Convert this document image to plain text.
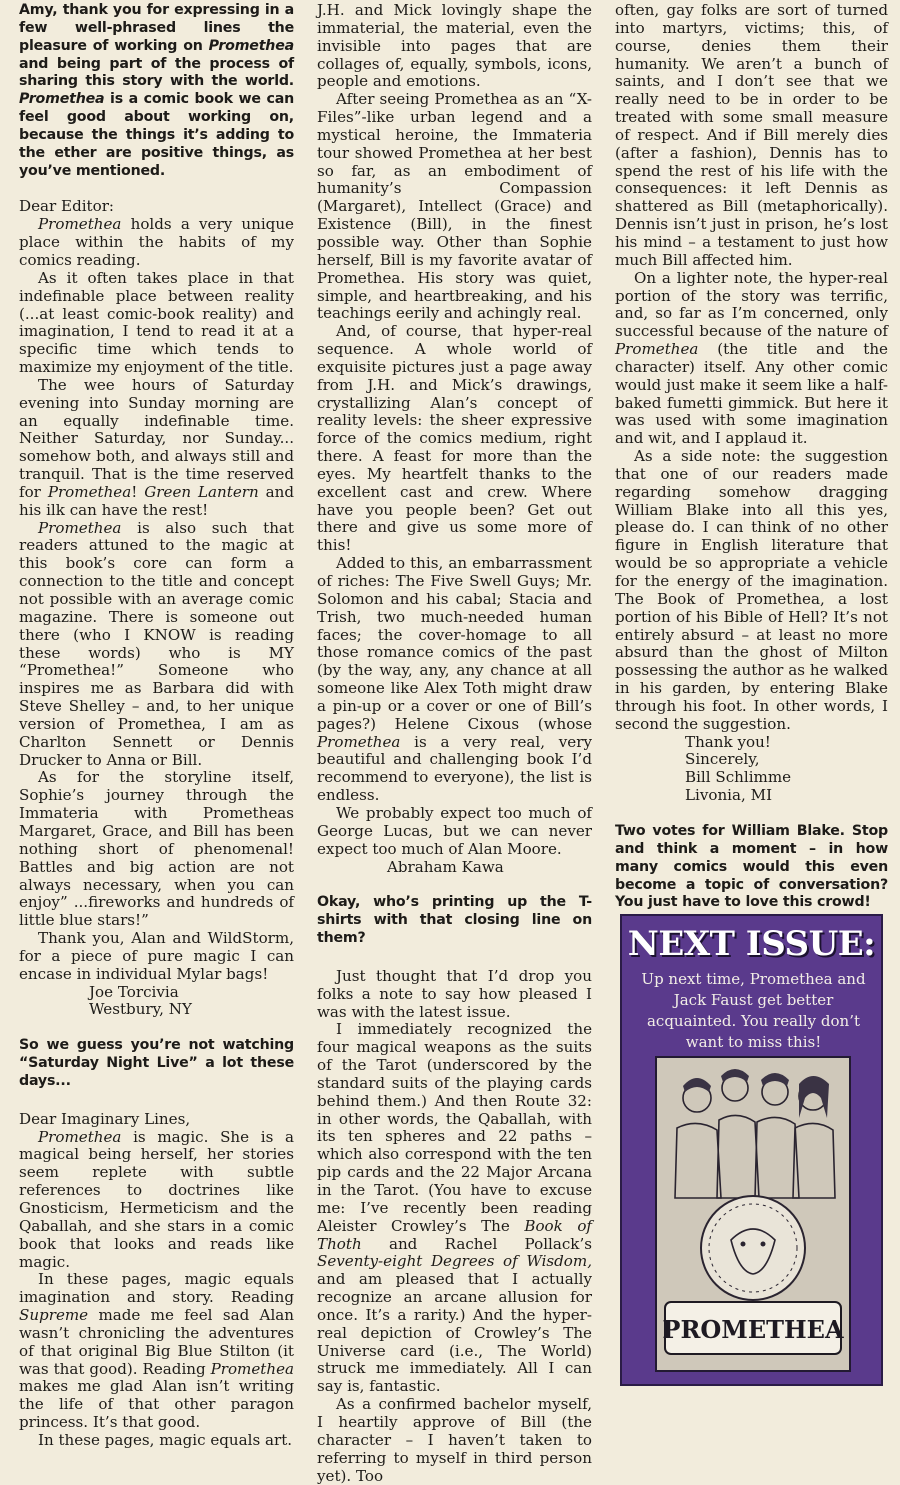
Amy, thank you for expressing in a few well-phrased lines the pleasure of working on Promethea and being part of the process of sharing this story with the world. Promethea is a comic book we can feel good about working on, because the things it’s adding to the ether are positive things, as you’ve mentioned.

Dear Editor:

Promethea holds a very unique place within the habits of my comics reading.

As it often takes place in that indefinable place between reality (...at least comic-book reality) and imagination, I tend to read it at a specific time which tends to maximize my enjoyment of the title.

The wee hours of Saturday evening into Sunday morning are an equally indefinable time. Neither Saturday, nor Sunday... somehow both, and always still and tranquil. That is the time reserved for Promethea! Green Lantern and his ilk can have the rest!

Promethea is also such that readers attuned to the magic at this book’s core can form a connection to the title and concept not possible with an average comic magazine. There is someone out there (who I KNOW is reading these words) who is MY “Promethea!” Someone who inspires me as Barbara did with Steve Shelley – and, to her unique version of Promethea, I am as Charlton Sennett or Dennis Drucker to Anna or Bill.

As for the storyline itself, Sophie’s journey through the Immateria with Prometheas Margaret, Grace, and Bill has been nothing short of phenomenal! Battles and big action are not always necessary, when you can enjoy” ...fireworks and hundreds of little blue stars!”

Thank you, Alan and WildStorm, for a piece of pure magic I can encase in individual Mylar bags!

Joe Torcivia

Westbury, NY

So we guess you’re not watching “Saturday Night Live” a lot these days...

Dear Imaginary Lines,

Promethea is magic. She is a magical being herself, her stories seem replete with subtle references to doctrines like Gnosticism, Hermeticism and the Qaballah, and she stars in a comic book that looks and reads like magic.

In these pages, magic equals imagination and story. Reading Supreme made me feel sad Alan wasn’t chronicling the adventures of that original Big Blue Stilton (it was that good). Reading Promethea makes me glad Alan isn’t writing the life of that other paragon princess. It’s that good.

In these pages, magic equals art.

J.H. and Mick lovingly shape the immaterial, the material, even the invisible into pages that are collages of, equally, symbols, icons, people and emotions.

After seeing Promethea as an “X-Files”-like urban legend and a mystical heroine, the Immateria tour showed Promethea at her best so far, as an embodiment of humanity’s Compassion (Margaret), Intellect (Grace) and Existence (Bill), in the finest possible way. Other than Sophie herself, Bill is my favorite avatar of Promethea. His story was quiet, simple, and heartbreaking, and his teachings eerily and achingly real.

And, of course, that hyper-real sequence. A whole world of exquisite pictures just a page away from J.H. and Mick’s drawings, crystallizing Alan’s concept of reality levels: the sheer expressive force of the comics medium, right there. A feast for more than the eyes. My heartfelt thanks to the excellent cast and crew. Where have you people been? Get out there and give us some more of this!

Added to this, an embarrassment of riches: The Five Swell Guys; Mr. Solomon and his cabal; Stacia and Trish, two much-needed human faces; the cover-homage to all those romance comics of the past (by the way, any, any chance at all someone like Alex Toth might draw a pin-up or a cover or one of Bill’s pages?) Helene Cixous (whose Promethea is a very real, very beautiful and challenging book I’d recommend to everyone), the list is endless.

We probably expect too much of George Lucas, but we can never expect too much of Alan Moore.

Abraham Kawa

Okay, who’s printing up the T-shirts with that closing line on them?

Just thought that I’d drop you folks a note to say how pleased I was with the latest issue.

I immediately recognized the four magical weapons as the suits of the Tarot (underscored by the standard suits of the playing cards behind them.) And then Route 32: in other words, the Qaballah, with its ten spheres and 22 paths – which also correspond with the ten pip cards and the 22 Major Arcana in the Tarot. (You have to excuse me: I’ve recently been reading Aleister Crowley’s The Book of Thoth and Rachel Pollack’s Seventy-eight Degrees of Wisdom, and am pleased that I actually recognize an arcane allusion for once. It’s a rarity.) And the hyper-real depiction of Crowley’s The Universe card (i.e., The World) struck me immediately. All I can say is, fantastic.

As a confirmed bachelor myself, I heartily approve of Bill (the character – I haven’t taken to referring to myself in third person yet). Too

often, gay folks are sort of turned into martyrs, victims; this, of course, denies them their humanity. We aren’t a bunch of saints, and I don’t see that we really need to be in order to be treated with some small measure of respect. And if Bill merely dies (after a fashion), Dennis has to spend the rest of his life with the consequences: it left Dennis as shattered as Bill (metaphorically). Dennis isn’t just in prison, he’s lost his mind – a testament to just how much Bill affected him.

On a lighter note, the hyper-real portion of the story was terrific, and, so far as I’m concerned, only successful because of the nature of Promethea (the title and the character) itself. Any other comic would just make it seem like a half-baked fumetti gimmick. But here it was used with some imagination and wit, and I applaud it.

As a side note: the suggestion that one of our readers made regarding somehow dragging William Blake into all this yes, please do. I can think of no other figure in English literature that would be so appropriate a vehicle for the energy of the imagination. The Book of Promethea, a lost portion of his Bible of Hell? It’s not entirely absurd – at least no more absurd than the ghost of Milton possessing the author as he walked in his garden, by entering Blake through his foot. In other words, I second the suggestion.

Thank you!

Sincerely,

Bill Schlimme

Livonia, MI

Two votes for William Blake. Stop and think a moment – in how many comics would this even become a topic of conversation? You just have to love this crowd!

NEXT ISSUE:
Up next time, Promethea and Jack Faust get better acquainted. You really don’t want to miss this!
PROMETHEA
